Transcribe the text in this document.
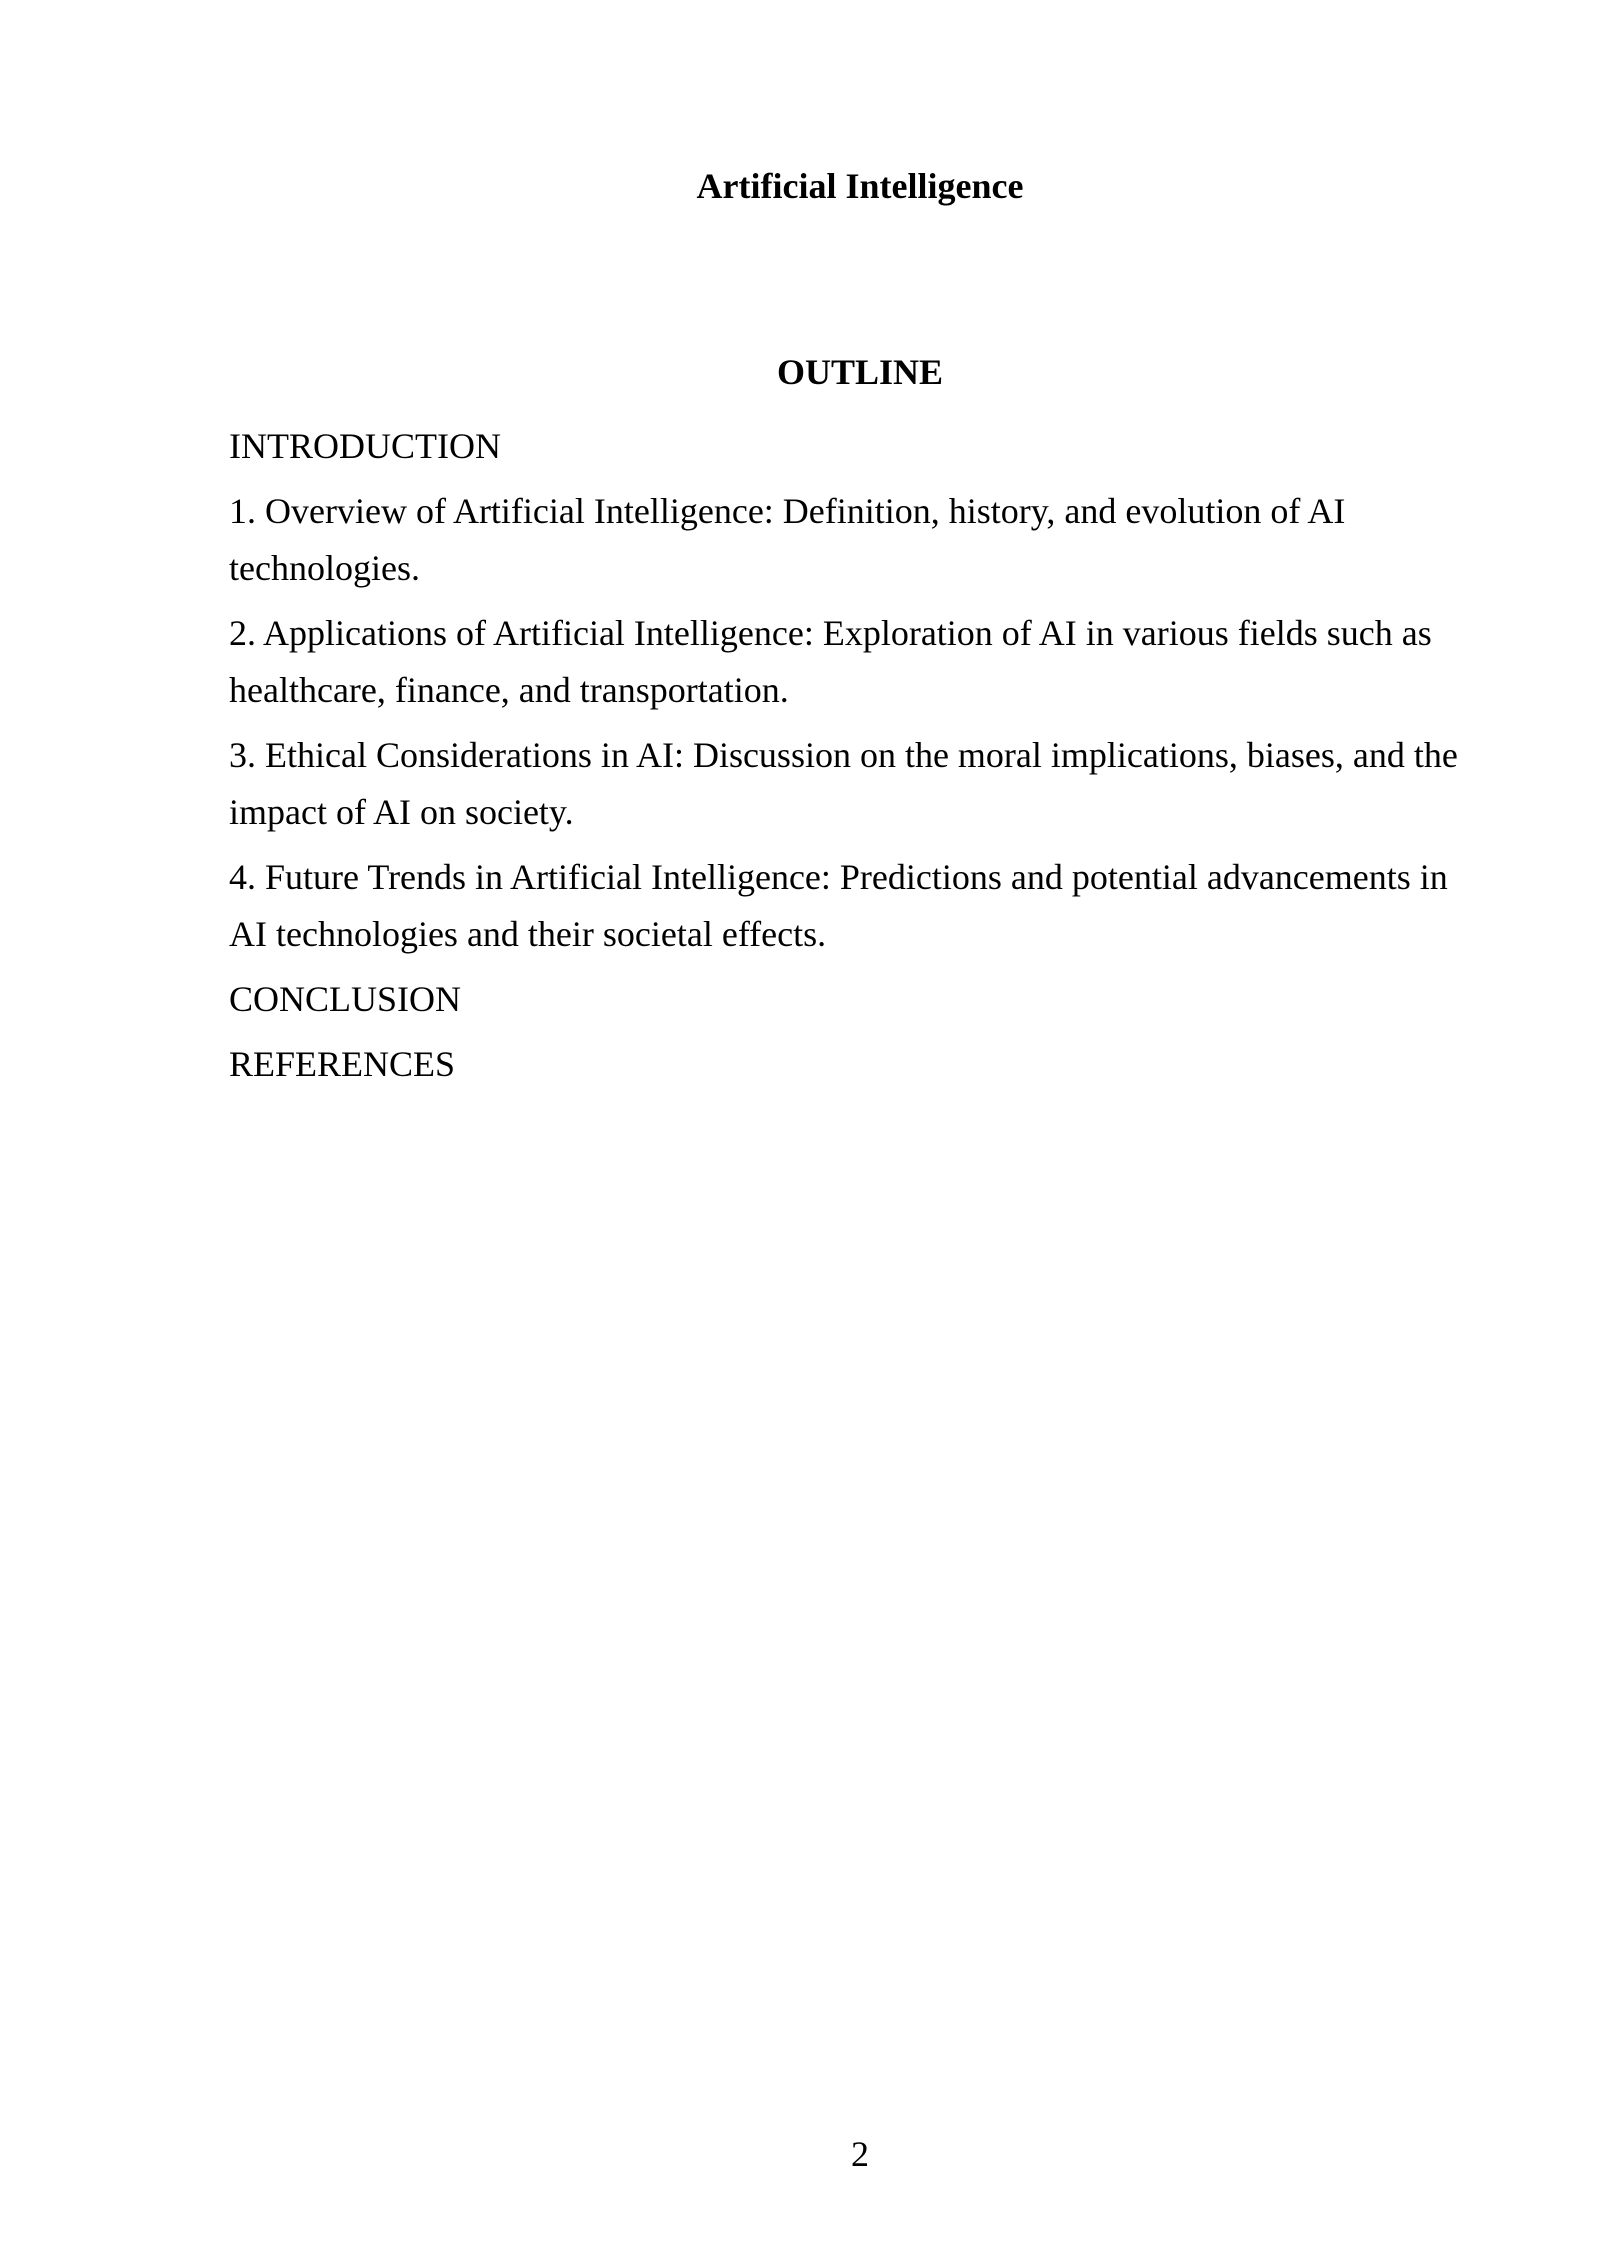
Artificial Intelligence
OUTLINE
INTRODUCTION
1. Overview of Artificial Intelligence: Definition, history, and evolution of AI technologies.
2. Applications of Artificial Intelligence: Exploration of AI in various fields such as healthcare, finance, and transportation.
3. Ethical Considerations in AI: Discussion on the moral implications, biases, and the impact of AI on society.
4. Future Trends in Artificial Intelligence: Predictions and potential advancements in AI technologies and their societal effects.
CONCLUSION
REFERENCES
2
